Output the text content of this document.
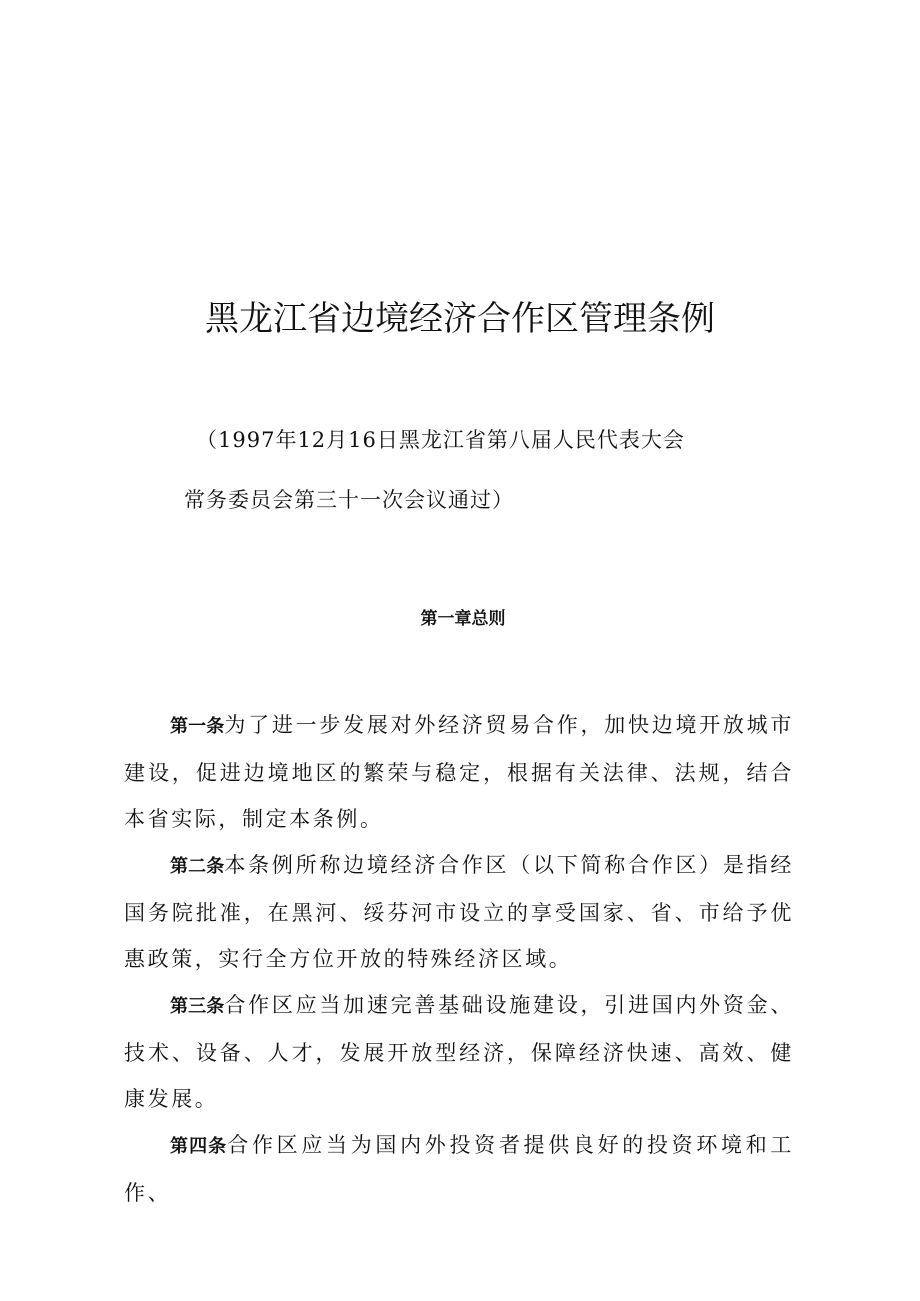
黑龙江省边境经济合作区管理条例
（1997年12月16日黑龙江省第八届人民代表大会
常务委员会第三十一次会议通过）
第一章总则

第一条为了进一步发展对外经济贸易合作，加快边境开放城市建设，促进边境地区的繁荣与稳定，根据有关法律、法规，结合本省实际，制定本条例。

第二条本条例所称边境经济合作区（以下简称合作区）是指经国务院批准，在黑河、绥芬河市设立的享受国家、省、市给予优惠政策，实行全方位开放的特殊经济区域。

第三条合作区应当加速完善基础设施建设，引进国内外资金、技术、设备、人才，发展开放型经济，保障经济快速、高效、健康发展。

第四条合作区应当为国内外投资者提供良好的投资环境和工作、
